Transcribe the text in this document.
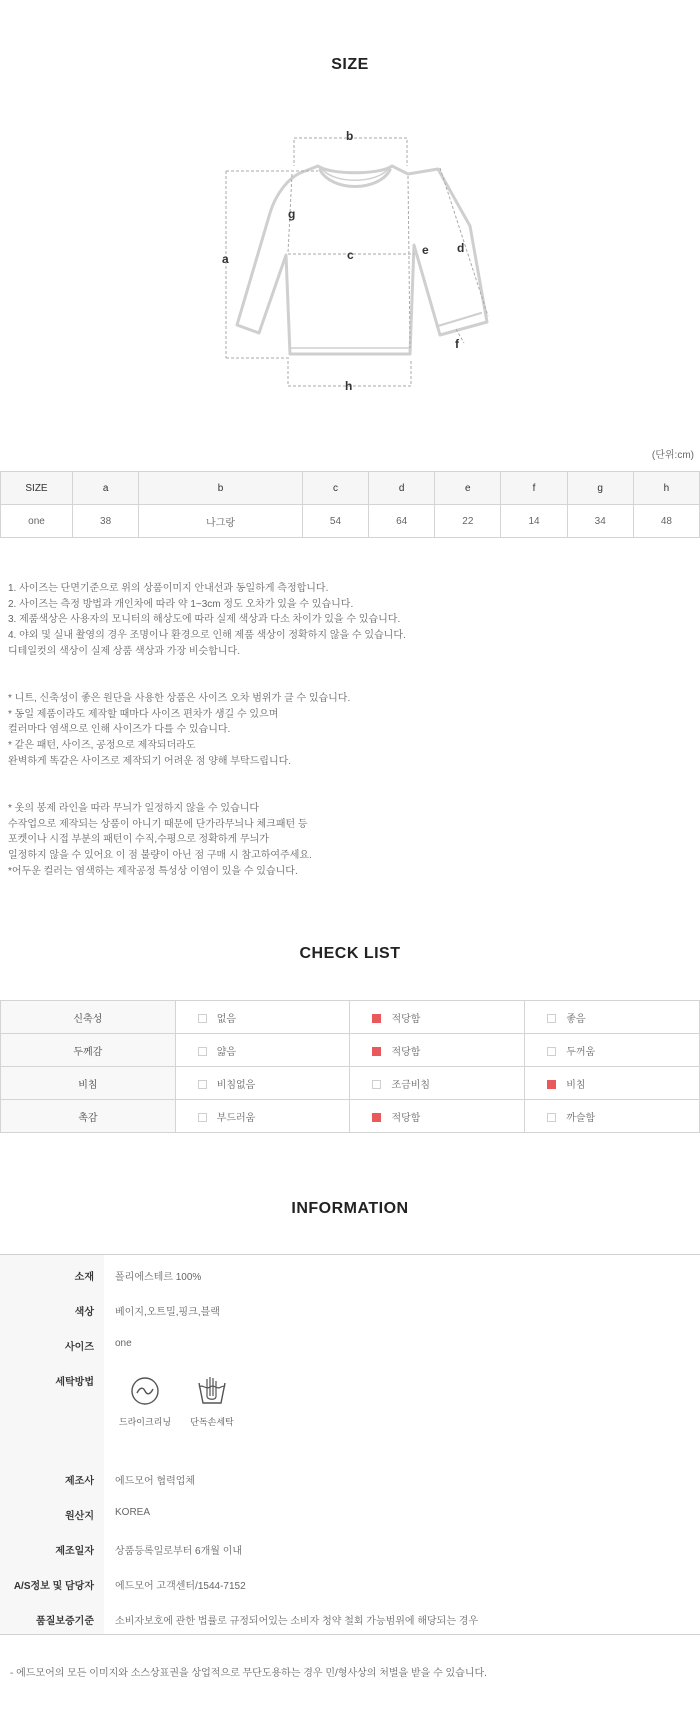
SIZE
b
a
g
c	e d
f
h
(단위:cm)
SIZE	a	b	c	d	e	f	g	h
one	38	나그랑	54	64	22	14	34	48
1. 사이즈는 단면기준으로 위의 상품이미지 안내선과 동일하게 측정합니다.
2. 사이즈는 측정 방법과 개인차에 따라 약 1~3cm 정도 오차가 있을 수 있습니다.
3. 제품색상은 사용자의 모니터의 해상도에 따라 실제 색상과 다소 차이가 있을 수 있습니다.
4. 야외 및 실내 촬영의 경우 조명이나 환경으로 인해 제품 색상이 정확하지 않을 수 있습니다.
디테일컷의 색상이 실제 상품 색상과 가장 비슷합니다.
* 니트, 신축성이 좋은 원단을 사용한 상품은 사이즈 오차 범위가 클 수 있습니다.
* 동일 제품이라도 제작할 때마다 사이즈 편차가 생길 수 있으며
컬러마다 염색으로 인해 사이즈가 다를 수 있습니다.
* 같은 패턴, 사이즈, 공정으로 제작되더라도
완벽하게 똑같은 사이즈로 제작되기 어려운 점 양해 부탁드립니다.
* 옷의 봉제 라인을 따라 무늬가 일정하지 않을 수 있습니다
수작업으로 제작되는 상품이 아니기 때문에 단가라무늬나 체크패턴 등
포켓이나 시접 부분의 패턴이 수직,수평으로 정확하게 무늬가
일정하지 않을 수 있어요 이 점 불량이 아닌 점 구매 시 참고하여주세요.
*어두운 컬러는 염색하는 제작공정 특성상 이염이 있을 수 있습니다.
CHECK LIST
신축성	없음	적당함	좋음
두께감	얇음	적당함	두꺼움
비침	비침없음	조금비침	비침
촉감	부드러움	적당함	까슬함
INFORMATION
소재 폴리에스테르 100%
색상 베이지,오트밀,핑크,블랙
사이즈 one
세탁방법
드라이크리닝	단독손세탁
제조사 에드모어 협력업체
원산지 KOREA
제조일자 상품등록일로부터 6개월 이내
A/S정보 및 담당자 에드모어 고객센터/1544-7152
품질보증기준 소비자보호에 관한 법률로 규정되어있는 소비자 청약 철회 가능범위에 해당되는 경우
- 에드모어의 모든 이미지와 소스상표권을 상업적으로 무단도용하는 경우 민/형사상의 처벌을 받을 수 있습니다.
